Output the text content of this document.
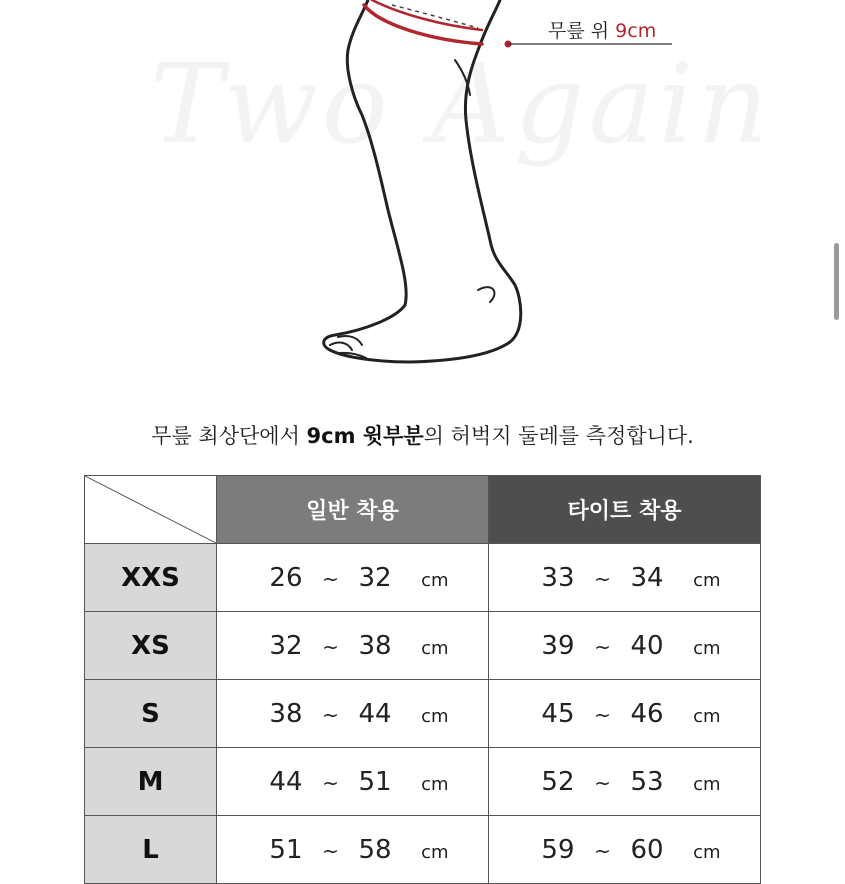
무릎 위 9cm
무릎 최상단에서 9cm 윗부분의 허벅지 둘레를 측정합니다.
	일반 착용	타이트 착용
XXS	26 ~ 32 cm	33 ~ 34 cm
XS	32 ~ 38 cm	39 ~ 40 cm
S	38 ~ 44 cm	45 ~ 46 cm
M	44 ~ 51 cm	52 ~ 53 cm
L	51 ~ 58 cm	59 ~ 60 cm
